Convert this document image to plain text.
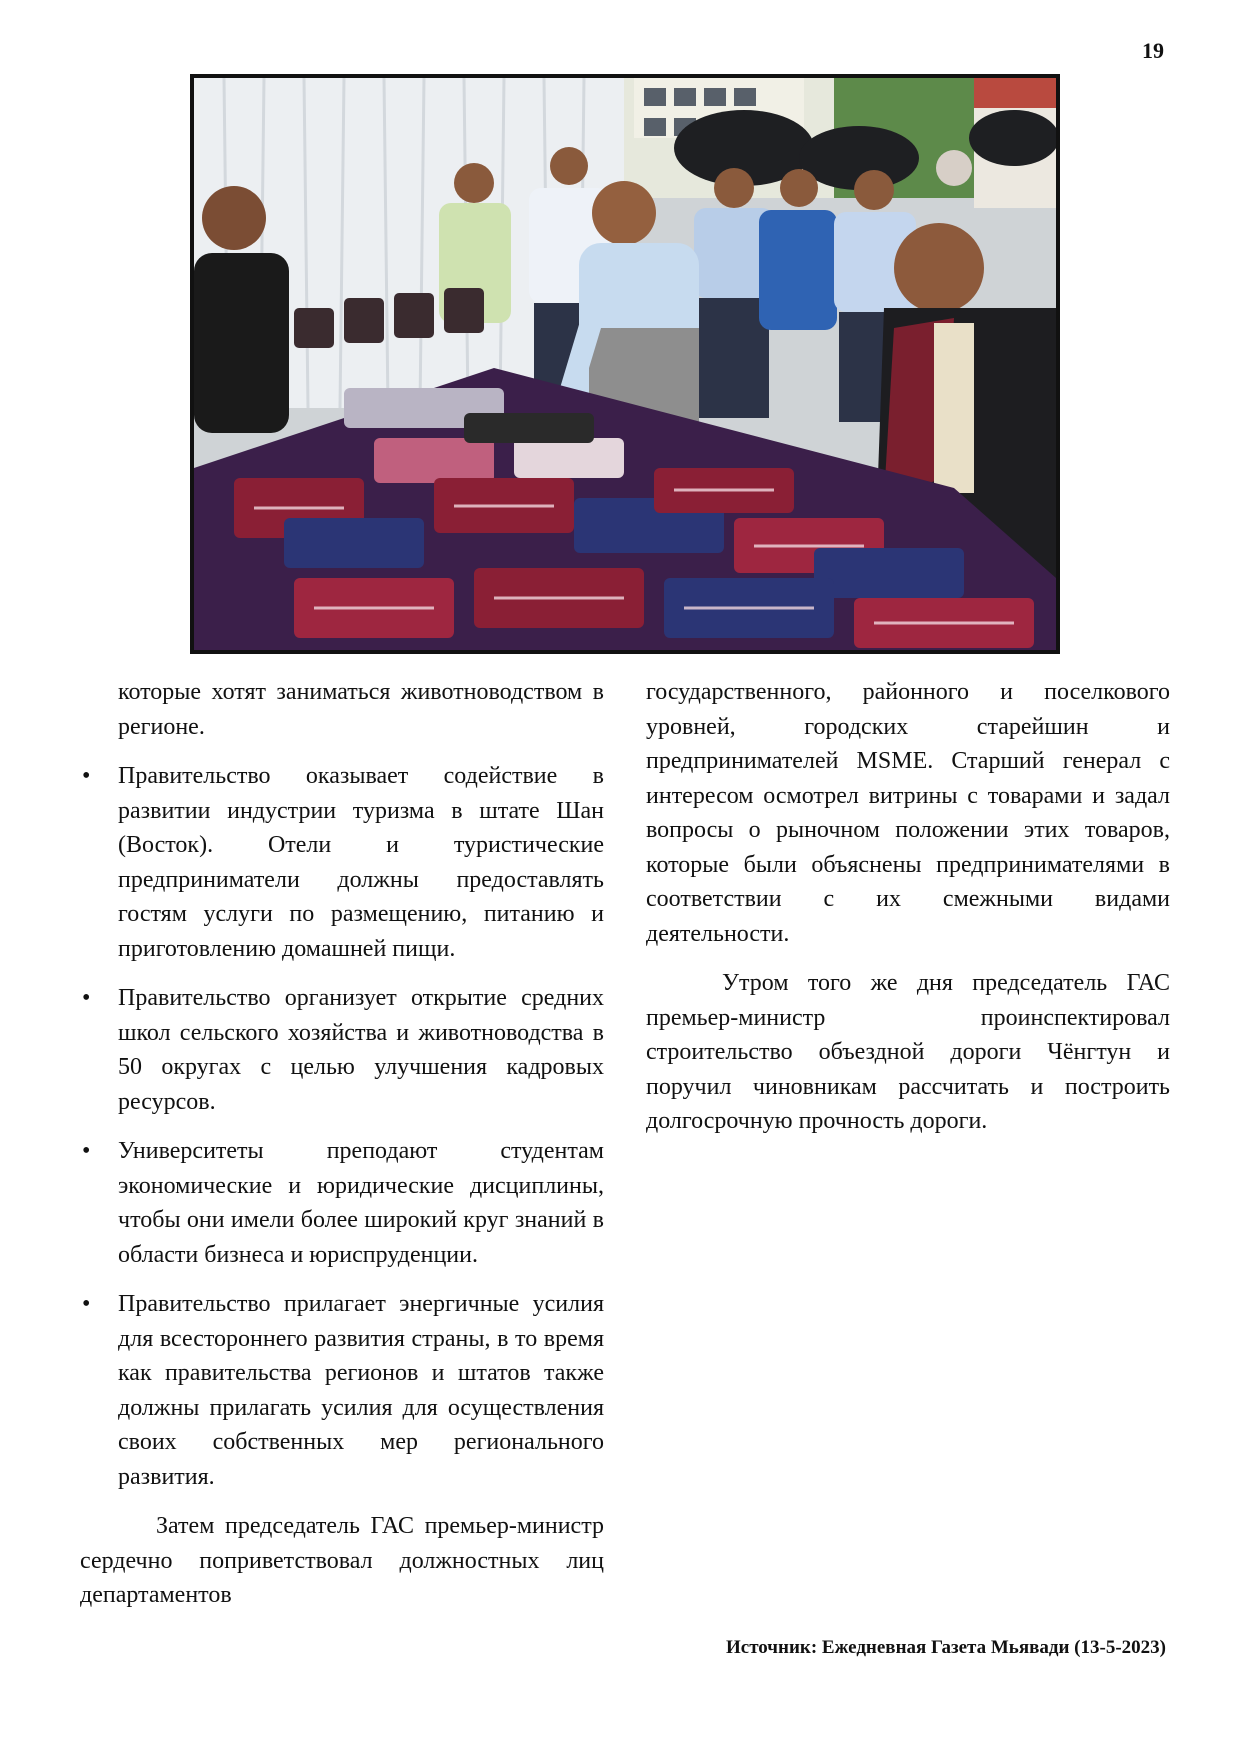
19

которые хотят заниматься животноводством в регионе.

• Правительство оказывает содействие в развитии индустрии туризма в штате Шан (Восток). Отели и туристические предприниматели должны предоставлять гостям услуги по размещению, питанию и приготовлению домашней пищи.
• Правительство организует открытие средних школ сельского хозяйства и животноводства в 50 округах с целью улучшения кадровых ресурсов.
• Университеты преподают студентам экономические и юридические дисциплины, чтобы они имели более широкий круг знаний в области бизнеса и юриспруденции.
• Правительство прилагает энергичные усилия для всестороннего развития страны, в то время как правительства регионов и штатов также должны прилагать усилия для осуществления своих собственных мер регионального развития.

Затем председатель ГАС премьер-министр сердечно поприветствовал должностных лиц департаментов

государственного, районного и поселкового уровней, городских старейшин и предпринимателей MSME. Старший генерал с интересом осмотрел витрины с товарами и задал вопросы о рыночном положении этих товаров, которые были объяснены предпринимателями в соответствии с их смежными видами деятельности.

Утром того же дня председатель ГАС премьер-министр проинспектировал строительство объездной дороги Чёнгтун и поручил чиновникам рассчитать и построить долгосрочную прочность дороги.

Источник: Ежедневная Газета Мьявади (13-5-2023)
